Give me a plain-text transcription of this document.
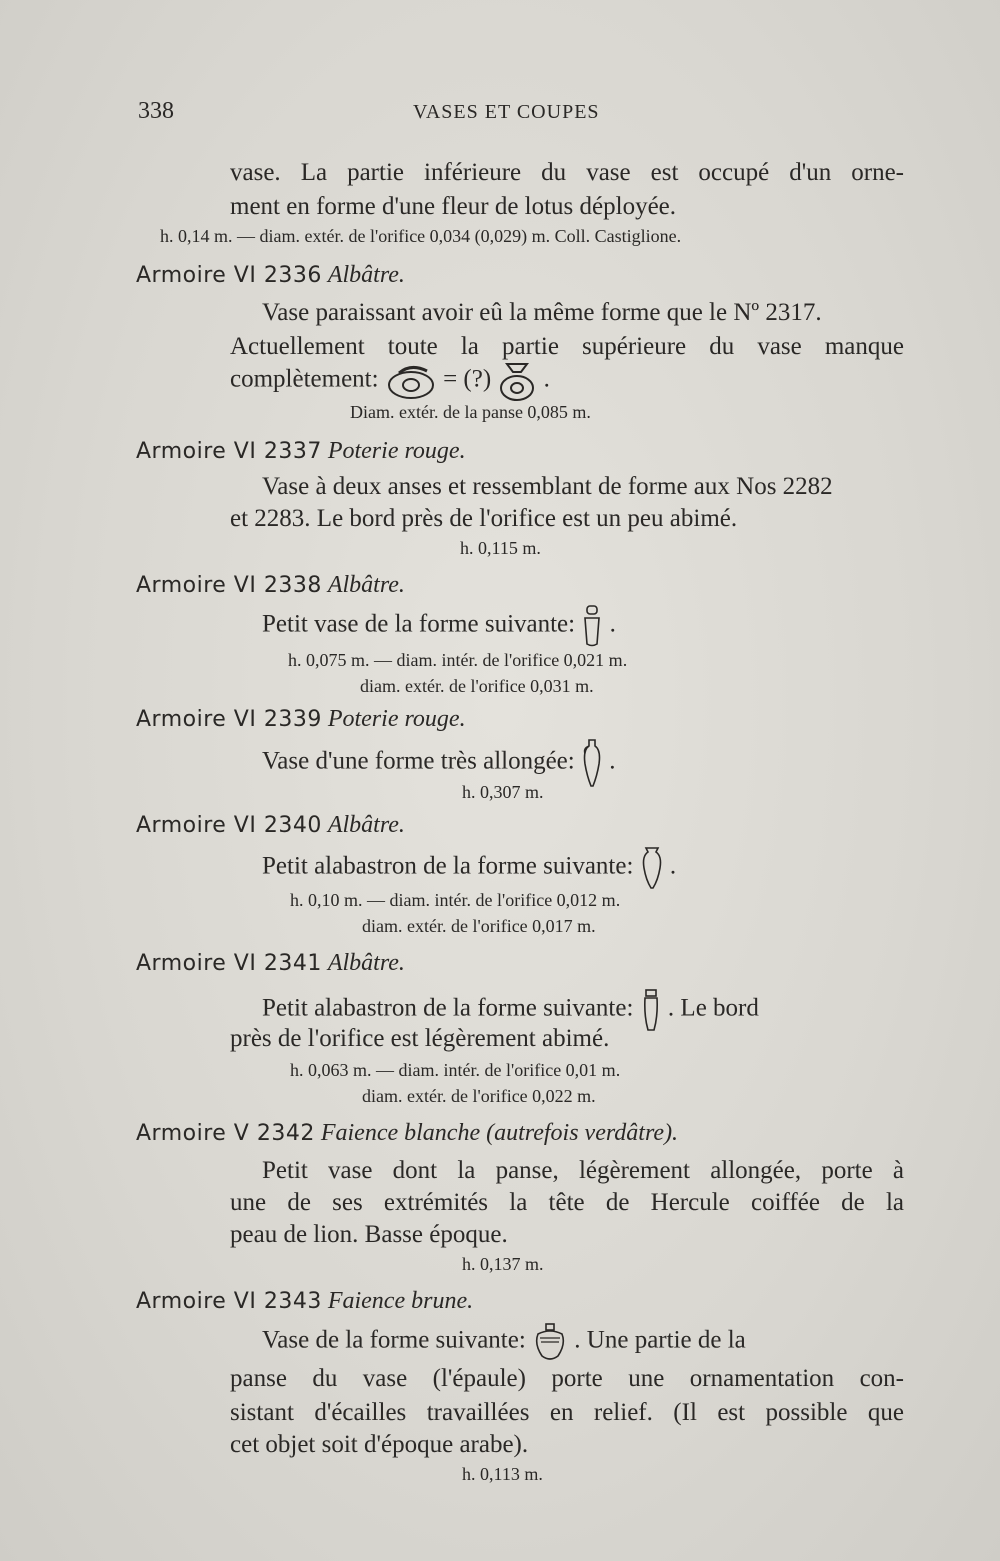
338	VASES ET COUPES
vase. La partie inférieure du vase est occupé d'un orne-
ment en forme d'une fleur de lotus déployée.
h. 0,14 m. — diam. extér. de l'orifice 0,034 (0,029) m. Coll. Castiglione.
Armoire VI 2336 Albâtre.
Vase paraissant avoir eû la même forme que le Nº 2317.
Actuellement toute la partie supérieure du vase manque
complètement:	= (?) .
Diam. extér. de la panse 0,085 m.
Armoire VI 2337 Poterie rouge.
Vase à deux anses et ressemblant de forme aux Nos 2282
et 2283. Le bord près de l'orifice est un peu abimé.
h. 0,115 m.
Armoire VI 2338 Albâtre.
Petit vase de la forme suivante: .
h. 0,075 m. — diam. intér. de l'orifice 0,021 m.
diam. extér. de l'orifice 0,031 m.
Armoire VI 2339 Poterie rouge.
Vase d'une forme très allongée: .
h. 0,307 m.
Armoire VI 2340 Albâtre.
Petit alabastron de la forme suivante: .
h. 0,10 m. — diam. intér. de l'orifice 0,012 m.
diam. extér. de l'orifice 0,017 m.
Armoire VI 2341 Albâtre.
Petit alabastron de la forme suivante: . Le bord
près de l'orifice est légèrement abimé.
h. 0,063 m. — diam. intér. de l'orifice 0,01 m.
diam. extér. de l'orifice 0,022 m.
Armoire V 2342 Faience blanche (autrefois verdâtre).
Petit vase dont la panse, légèrement allongée, porte à
une de ses extrémités la tête de Hercule coiffée de la
peau de lion. Basse époque.
h. 0,137 m.
Armoire VI 2343 Faience brune.
Vase de la forme suivante: . Une partie de la
panse du vase (l'épaule) porte une ornamentation con-
sistant d'écailles travaillées en relief. (Il est possible que
cet objet soit d'époque arabe).
h. 0,113 m.
